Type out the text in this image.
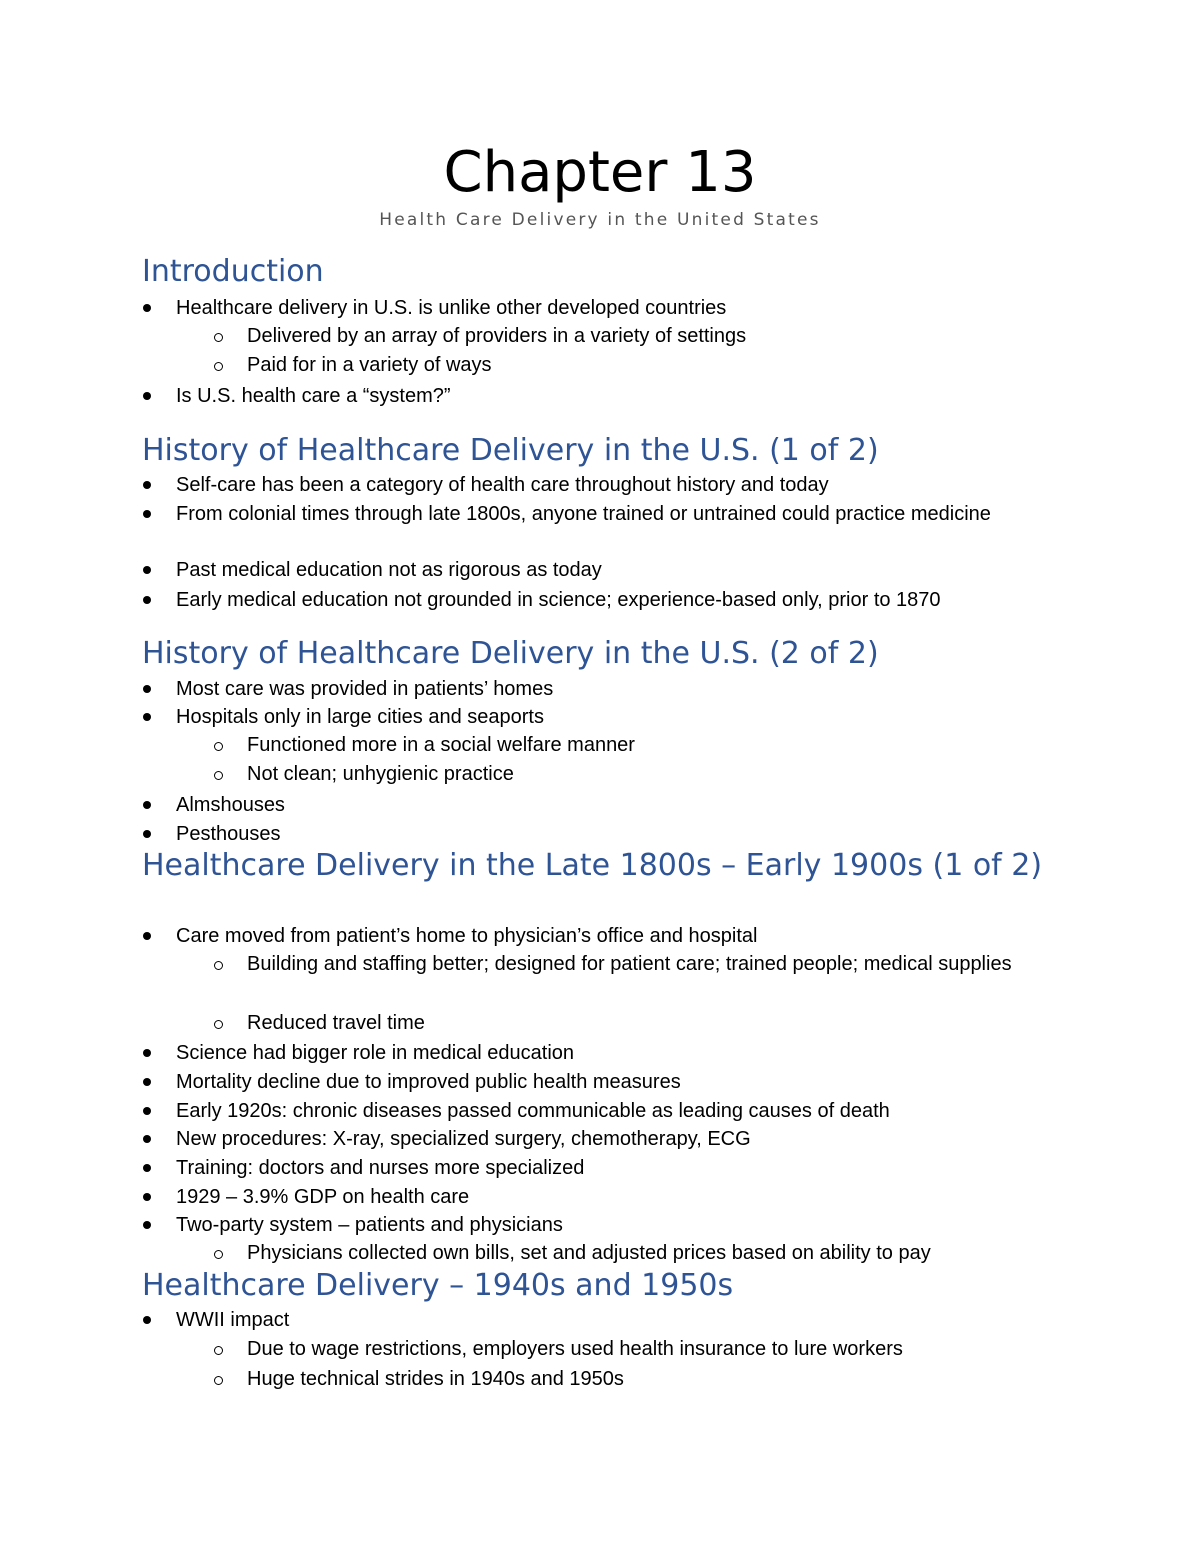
Chapter 13
Health Care Delivery in the United States
Introduction
Healthcare delivery in U.S. is unlike other developed countries
Delivered by an array of providers in a variety of settings
Paid for in a variety of ways
Is U.S. health care a “system?”
History of Healthcare Delivery in the U.S. (1 of 2)
Self-care has been a category of health care throughout history and today
From colonial times through late 1800s, anyone trained or untrained could practice medicine
Past medical education not as rigorous as today
Early medical education not grounded in science; experience-based only, prior to 1870
History of Healthcare Delivery in the U.S. (2 of 2)
Most care was provided in patients’ homes
Hospitals only in large cities and seaports
Functioned more in a social welfare manner
Not clean; unhygienic practice
Almshouses
Pesthouses
Healthcare Delivery in the Late 1800s – Early 1900s (1 of 2)
Care moved from patient’s home to physician’s office and hospital
Building and staffing better; designed for patient care; trained people; medical supplies
Reduced travel time
Science had bigger role in medical education
Mortality decline due to improved public health measures
Early 1920s: chronic diseases passed communicable as leading causes of death
New procedures: X-ray, specialized surgery, chemotherapy, ECG
Training: doctors and nurses more specialized
1929 – 3.9% GDP on health care
Two-party system – patients and physicians
Physicians collected own bills, set and adjusted prices based on ability to pay
Healthcare Delivery – 1940s and 1950s
WWII impact
Due to wage restrictions, employers used health insurance to lure workers
Huge technical strides in 1940s and 1950s
